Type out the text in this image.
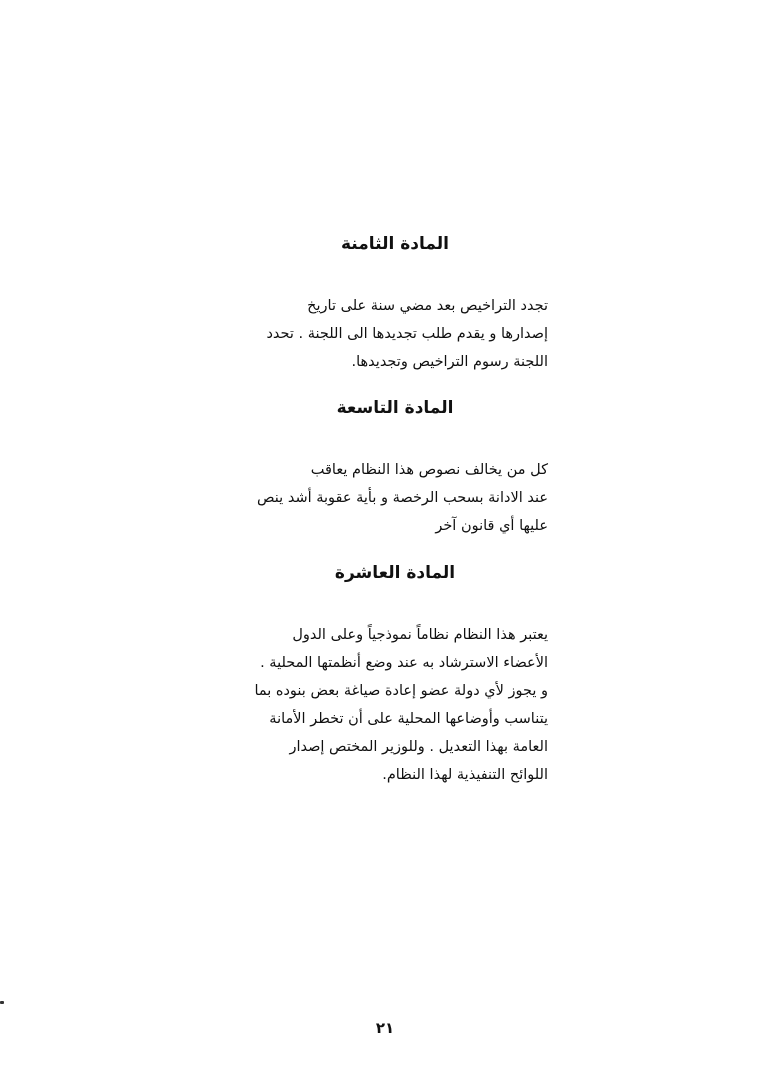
المادة الثامنة
تجدد التراخيص بعد مضي سنة على تاريخ
إصدارها و يقدم طلب تجديدها الى اللجنة . تحدد
اللجنة رسوم التراخيص وتجديدها.
المادة التاسعة
كل من يخالف نصوص هذا النظام يعاقب
عند الادانة بسحب الرخصة و بأية عقوبة أشد ينص
عليها أي قانون آخر
المادة العاشرة
يعتبر هذا النظام نظاماً نموذجياً وعلى الدول
الأعضاء الاسترشاد به عند وضع أنظمتها المحلية .
و يجوز لأي دولة عضو إعادة صياغة بعض بنوده بما
يتناسب وأوضاعها المحلية على أن تخطر الأمانة
العامة بهذا التعديل . وللوزير المختص إصدار
اللوائح التنفيذية لهذا النظام.
٢١
